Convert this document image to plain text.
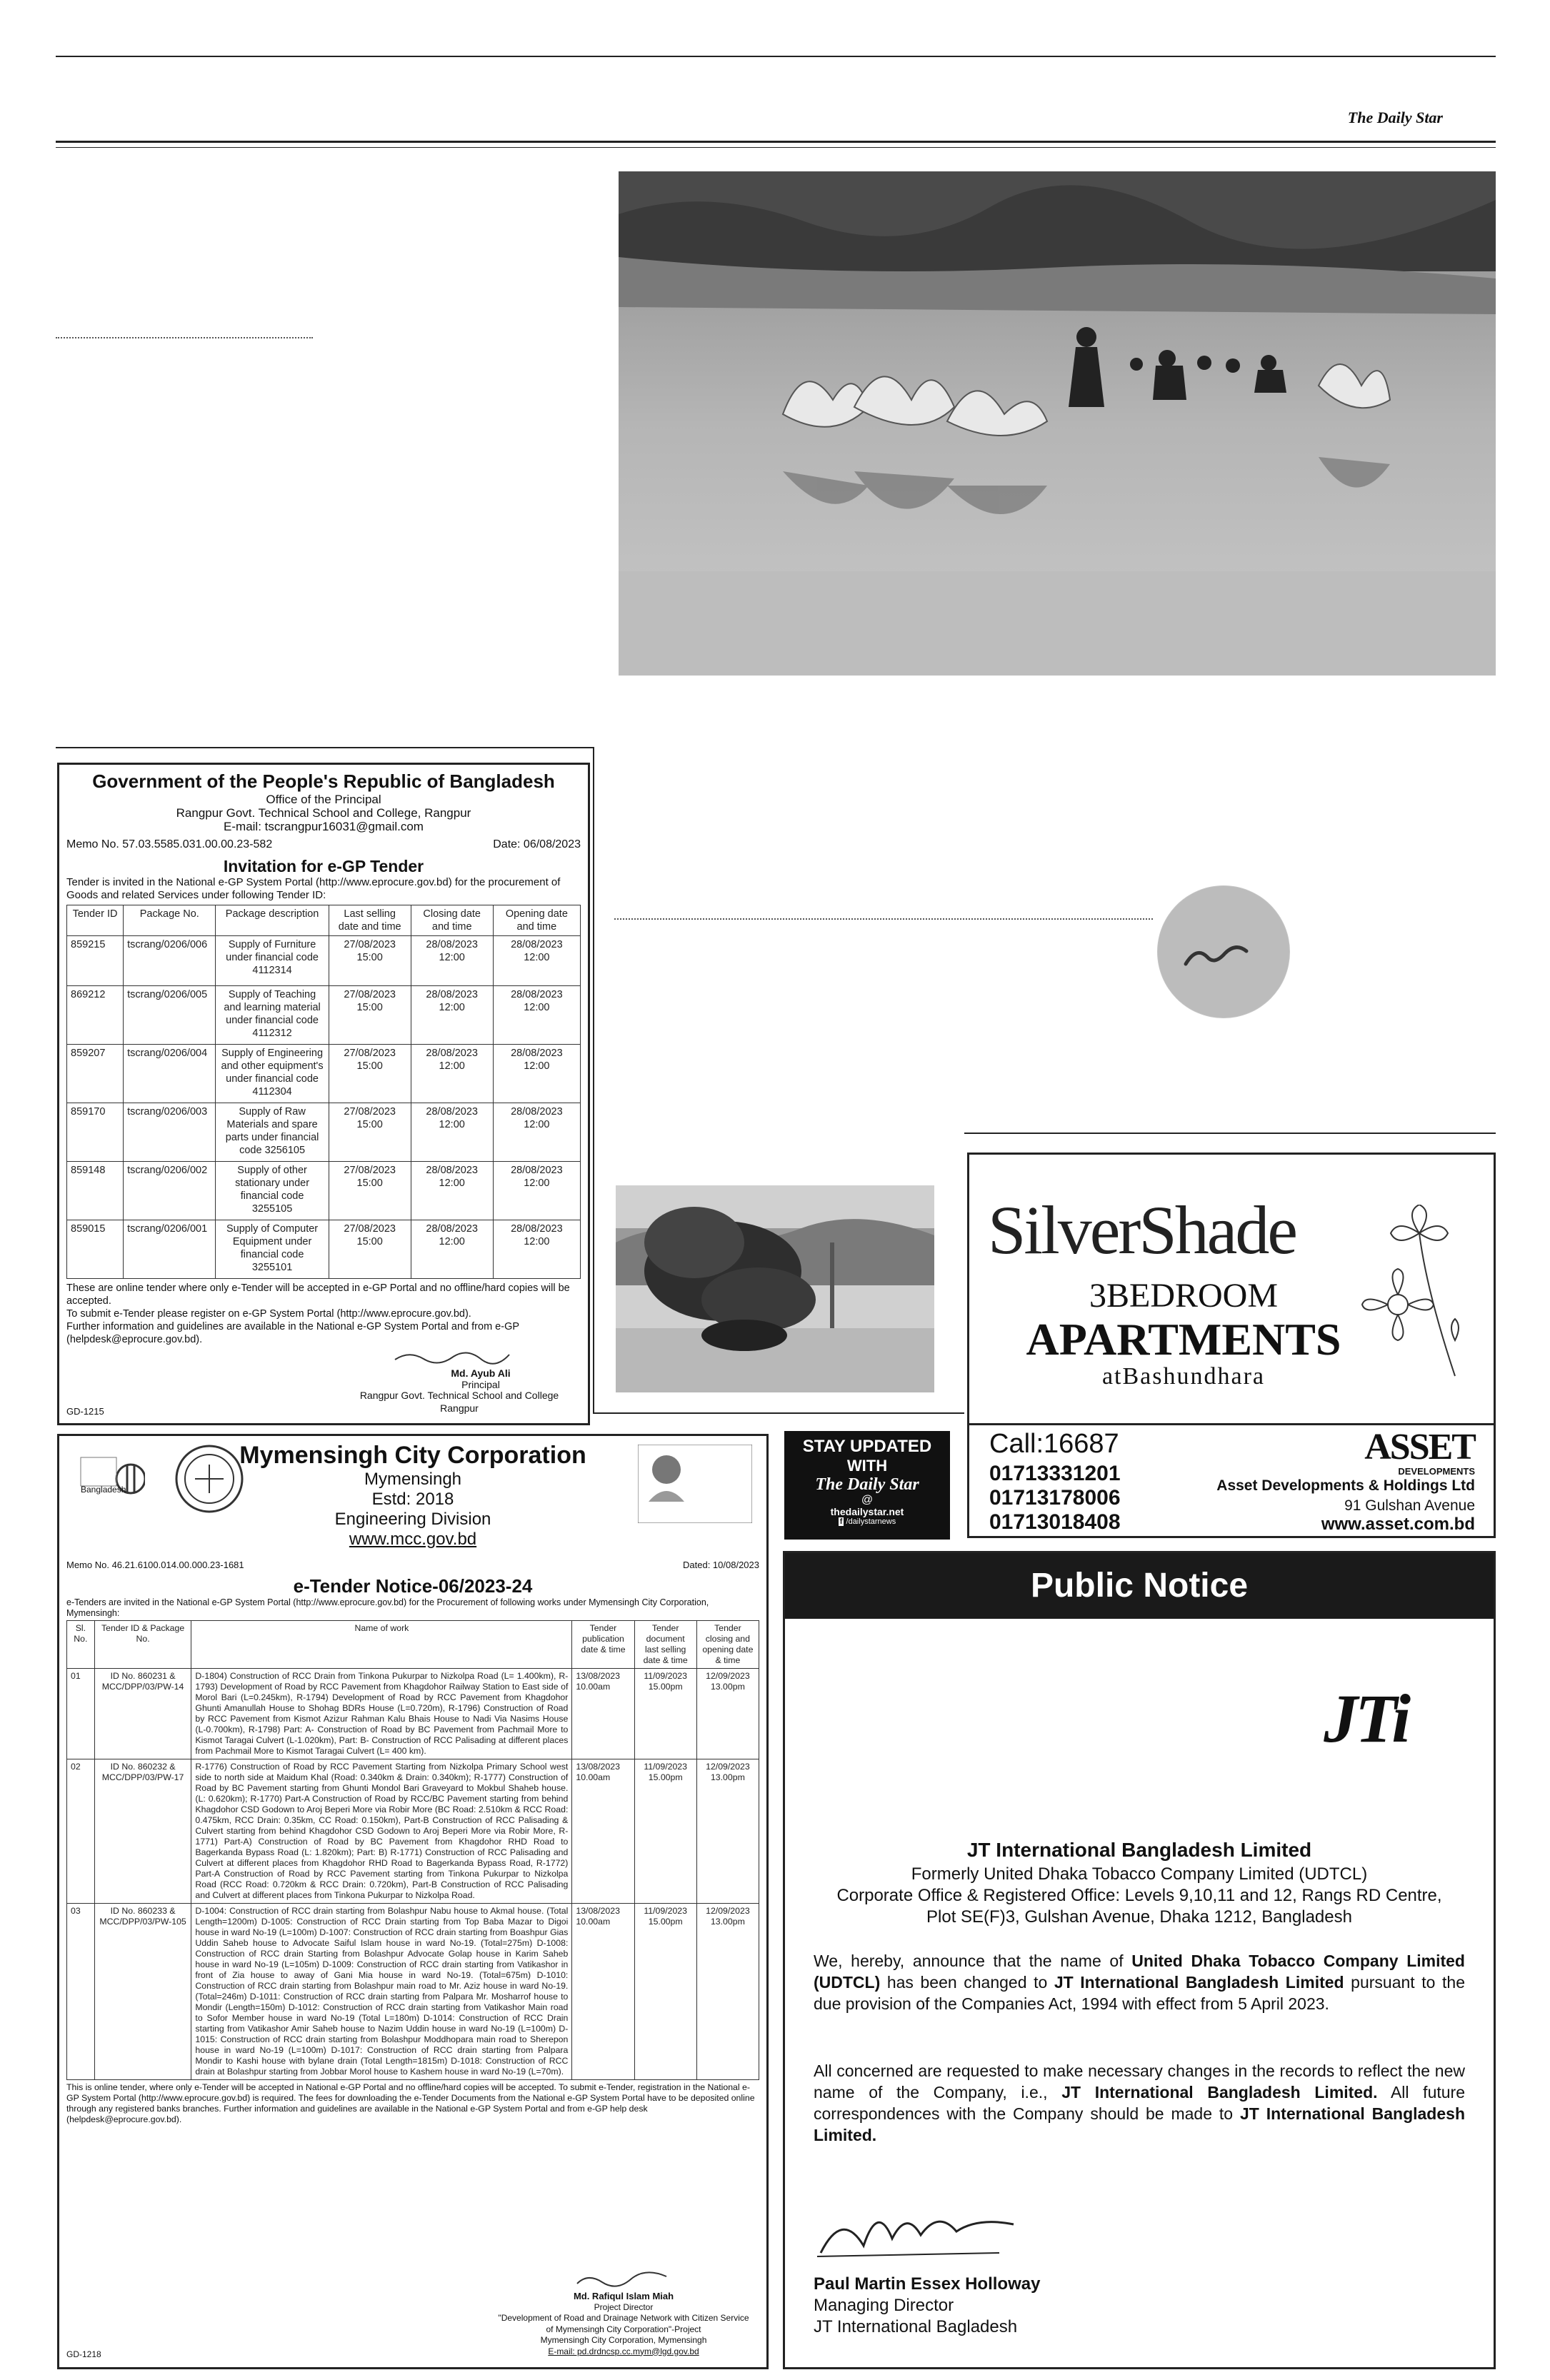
The Daily Star
Government of the People's Republic of Bangladesh
Office of the Principal
Rangpur Govt. Technical School and College, Rangpur
E-mail: tscrangpur16031@gmail.com
Memo No. 57.03.5585.031.00.00.23-582	Date: 06/08/2023
Invitation for e-GP Tender
Tender is invited in the National e-GP System Portal (http://www.eprocure.gov.bd) for the procurement of Goods and related Services under following Tender ID:
Tender ID	Package No.	Package description	Last selling date and time	Closing date and time	Opening date and time
859215	tscrang/0206/006	Supply of Furniture under financial code 4112314	27/08/2023 15:00	28/08/2023 12:00	28/08/2023 12:00
869212	tscrang/0206/005	Supply of Teaching and learning material under financial code 4112312	27/08/2023 15:00	28/08/2023 12:00	28/08/2023 12:00
859207	tscrang/0206/004	Supply of Engineering and other equipment's under financial code 4112304	27/08/2023 15:00	28/08/2023 12:00	28/08/2023 12:00
859170	tscrang/0206/003	Supply of Raw Materials and spare parts under financial code 3256105	27/08/2023 15:00	28/08/2023 12:00	28/08/2023 12:00
859148	tscrang/0206/002	Supply of other stationary under financial code 3255105	27/08/2023 15:00	28/08/2023 12:00	28/08/2023 12:00
859015	tscrang/0206/001	Supply of Computer Equipment under financial code 3255101	27/08/2023 15:00	28/08/2023 12:00	28/08/2023 12:00
These are online tender where only e-Tender will be accepted in e-GP Portal and no offline/hard copies will be accepted.
To submit e-Tender please register on e-GP System Portal (http://www.eprocure.gov.bd).
Further information and guidelines are available in the National e-GP System Portal and from e-GP (helpdesk@eprocure.gov.bd).
Md. Ayub Ali
Principal
Rangpur Govt. Technical School and College
Rangpur
GD-1215
SilverShade
3BEDROOM
APARTMENTS
atBashundhara
Call:16687
01713331201
01713178006
01713018408
ASSET
DEVELOPMENTS
Asset Developments & Holdings Ltd
91 Gulshan Avenue
www.asset.com.bd
Bangladesh
Mymensingh City Corporation
Mymensingh
Estd: 2018
Engineering Division
www.mcc.gov.bd
Memo No. 46.21.6100.014.00.000.23-1681	Dated: 10/08/2023
e-Tender Notice-06/2023-24
e-Tenders are invited in the National e-GP System Portal (http://www.eprocure.gov.bd) for the Procurement of following works under Mymensingh City Corporation, Mymensingh:
Sl. No.	Tender ID & Package No.	Name of work	Tender publication date & time	Tender document last selling date & time	Tender closing and opening date & time
01	ID No. 860231 & MCC/DPP/03/PW-14	D-1804) Construction of RCC Drain from Tinkona Pukurpar to Nizkolpa Road (L= 1.400km), R-1793) Development of Road by RCC Pavement from Khagdohor Railway Station to East side of Morol Bari (L=0.245km), R-1794) Development of Road by RCC Pavement from Khagdohor Ghunti Amanullah House to Shohag BDRs House (L=0.720m), R-1796) Construction of Road by RCC Pavement from Kismot Azizur Rahman Kalu Bhais House to Nadi Via Nasims House (L-0.700km), R-1798) Part: A- Construction of Road by BC Pavement from Pachmail More to Kismot Taragai Culvert (L-1.020km), Part: B- Construction of RCC Palisading at different places from Pachmail More to Kismot Taragai Culvert (L= 400 km).	13/08/2023 10.00am	11/09/2023 15.00pm	12/09/2023 13.00pm
02	ID No. 860232 & MCC/DPP/03/PW-17	R-1776) Construction of Road by RCC Pavement Starting from Nizkolpa Primary School west side to north side at Maidum Khal (Road: 0.340km & Drain: 0.340km); R-1777) Construction of Road by BC Pavement starting from Ghunti Mondol Bari Graveyard to Mokbul Shaheb house. (L: 0.620km); R-1770) Part-A Construction of Road by RCC/BC Pavement starting from behind Khagdohor CSD Godown to Aroj Beperi More via Robir More (BC Road: 2.510km & RCC Road: 0.475km, RCC Drain: 0.35km, CC Road: 0.150km), Part-B Construction of RCC Palisading & Culvert starting from behind Khagdohor CSD Godown to Aroj Beperi More via Robir More, R-1771) Part-A) Construction of Road by BC Pavement from Khagdohor RHD Road to Bagerkanda Bypass Road (L: 1.820km); Part: B) R-1771) Construction of RCC Palisading and Culvert at different places from Khagdohor RHD Road to Bagerkanda Bypass Road, R-1772) Part-A Construction of Road by RCC Pavement starting from Tinkona Pukurpar to Nizkolpa Road (RCC Road: 0.720km & RCC Drain: 0.720km), Part-B Construction of RCC Palisading and Culvert at different places from Tinkona Pukurpar to Nizkolpa Road.	13/08/2023 10.00am	11/09/2023 15.00pm	12/09/2023 13.00pm
03	ID No. 860233 & MCC/DPP/03/PW-105	D-1004: Construction of RCC drain starting from Bolashpur Nabu house to Akmal house. (Total Length=1200m) D-1005: Construction of RCC Drain starting from Top Baba Mazar to Digoi house in ward No-19 (L=100m) D-1007: Construction of RCC drain starting from Boashpur Gias Uddin Saheb house to Advocate Saiful Islam house in ward No-19. (Total=275m) D-1008: Construction of RCC drain Starting from Bolashpur Advocate Golap house in Karim Saheb house in ward No-19 (L=105m) D-1009: Construction of RCC drain starting from Vatikashor in front of Zia house to away of Gani Mia house in ward No-19. (Total=675m) D-1010: Construction of RCC drain starting from Bolashpur main road to Mr. Aziz house in ward No-19. (Total=246m) D-1011: Construction of RCC drain starting from Palpara Mr. Mosharrof house to Mondir (Length=150m) D-1012: Construction of RCC drain starting from Vatikashor Main road to Sofor Member house in ward No-19 (Total L=180m) D-1014: Construction of RCC Drain starting from Vatikashor Amir Saheb house to Nazim Uddin house in ward No-19 (L=100m) D-1015: Construction of RCC drain starting from Bolashpur Moddhopara main road to Sherepon house in ward No-19 (L=100m) D-1017: Construction of RCC drain starting from Palpara Mondir to Kashi house with bylane drain (Total Length=1815m) D-1018: Construction of RCC drain at Bolashpur starting from Jobbar Morol house to Kashem house in ward No-19 (L=70m).	13/08/2023 10.00am	11/09/2023 15.00pm	12/09/2023 13.00pm
This is online tender, where only e-Tender will be accepted in National e-GP Portal and no offline/hard copies will be accepted. To submit e-Tender, registration in the National e-GP System Portal (http://www.eprocure.gov.bd) is required. The fees for downloading the e-Tender Documents from the National e-GP System Portal have to be deposited online through any registered banks branches. Further information and guidelines are available in the National e-GP System Portal and from e-GP help desk (helpdesk@eprocure.gov.bd).
Md. Rafiqul Islam Miah
Project Director
"Development of Road and Drainage Network with Citizen Service of Mymensingh City Corporation"-Project
Mymensingh City Corporation, Mymensingh
E-mail: pd.drdncsp.cc.mym@lgd.gov.bd
GD-1218
STAY UPDATED
WITH
The Daily Star
@
thedailystar.net
f /dailystarnews
Public Notice
JTi
JT International Bangladesh Limited
Formerly United Dhaka Tobacco Company Limited (UDTCL)
Corporate Office & Registered Office: Levels 9,10,11 and 12, Rangs RD Centre,
Plot SE(F)3, Gulshan Avenue, Dhaka 1212, Bangladesh
We, hereby, announce that the name of United Dhaka Tobacco Company Limited (UDTCL) has been changed to JT International Bangladesh Limited pursuant to the due provision of the Companies Act, 1994 with effect from 5 April 2023.
All concerned are requested to make necessary changes in the records to reflect the new name of the Company, i.e., JT International Bangladesh Limited. All future correspondences with the Company should be made to JT International Bangladesh Limited.
Paul Martin Essex Holloway
Managing Director
JT International Bagladesh
